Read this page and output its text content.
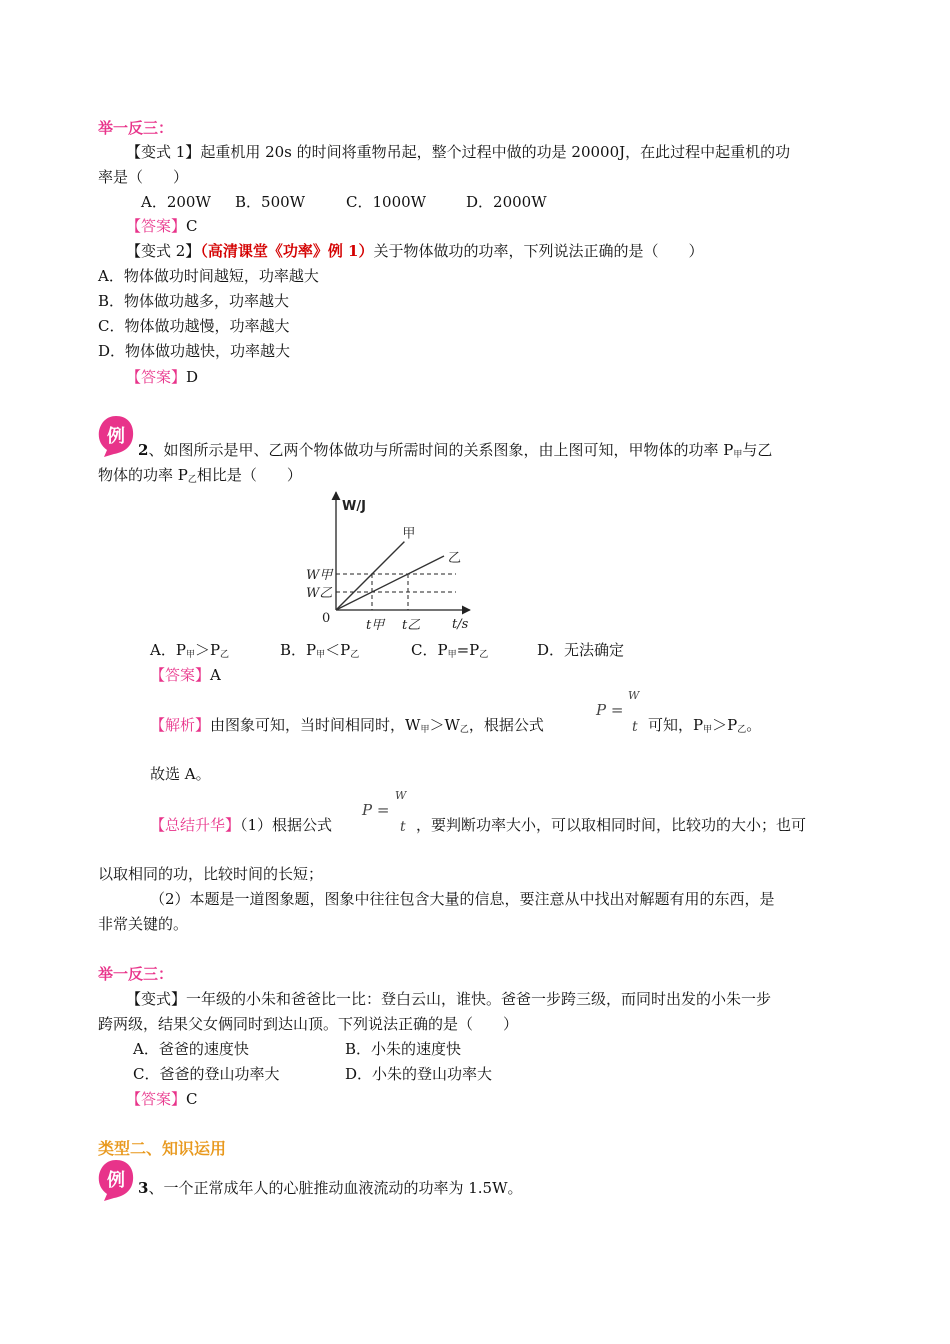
举一反三：
【变式 1】起重机用 20s 的时间将重物吊起，整个过程中做的功是 20000J，在此过程中起重机的功
率是（　　）
A．200W B．500W	C．1000W	D．2000W
【答案】C
【变式 2】（高清课堂《功率》例 1）关于物体做功的功率，下列说法正确的是（　　）
A．物体做功时间越短，功率越大
B．物体做功越多，功率越大
C．物体做功越慢，功率越大
D．物体做功越快，功率越大
【答案】D
例
2、如图所示是甲、乙两个物体做功与所需时间的关系图象，由上图可知，甲物体的功率 $P_甲$与乙
物体的功率 $P_乙$相比是（　　）
甲
乙
W甲
W乙
t甲 t乙
W/J
t/s
0
A．$P_甲>P_乙$	B．$P_甲<P_乙$	C．$P_甲=P_乙$	D．无法确定
【答案】A
【解析】由图象可知，当时间相同时，$W_甲>W_乙$，根据公式
P =
W
t 可知，$P_甲>P_乙$。
故选 A。
【总结升华】（1）根据公式
P =
W
t ，要判断功率大小，可以取相同时间，比较功的大小；也可
以取相同的功，比较时间的长短；
（2）本题是一道图象题，图象中往往包含大量的信息，要注意从中找出对解题有用的东西，是
非常关键的。
举一反三：
【变式】一年级的小朱和爸爸比一比：登白云山，谁快。爸爸一步跨三级，而同时出发的小朱一步
跨两级，结果父女俩同时到达山顶。下列说法正确的是（　　）
A．爸爸的速度快	B．小朱的速度快
C．爸爸的登山功率大	D．小朱的登山功率大
【答案】C
类型二、知识运用
例 3、一个正常成年人的心脏推动血液流动的功率为 1.5W。
